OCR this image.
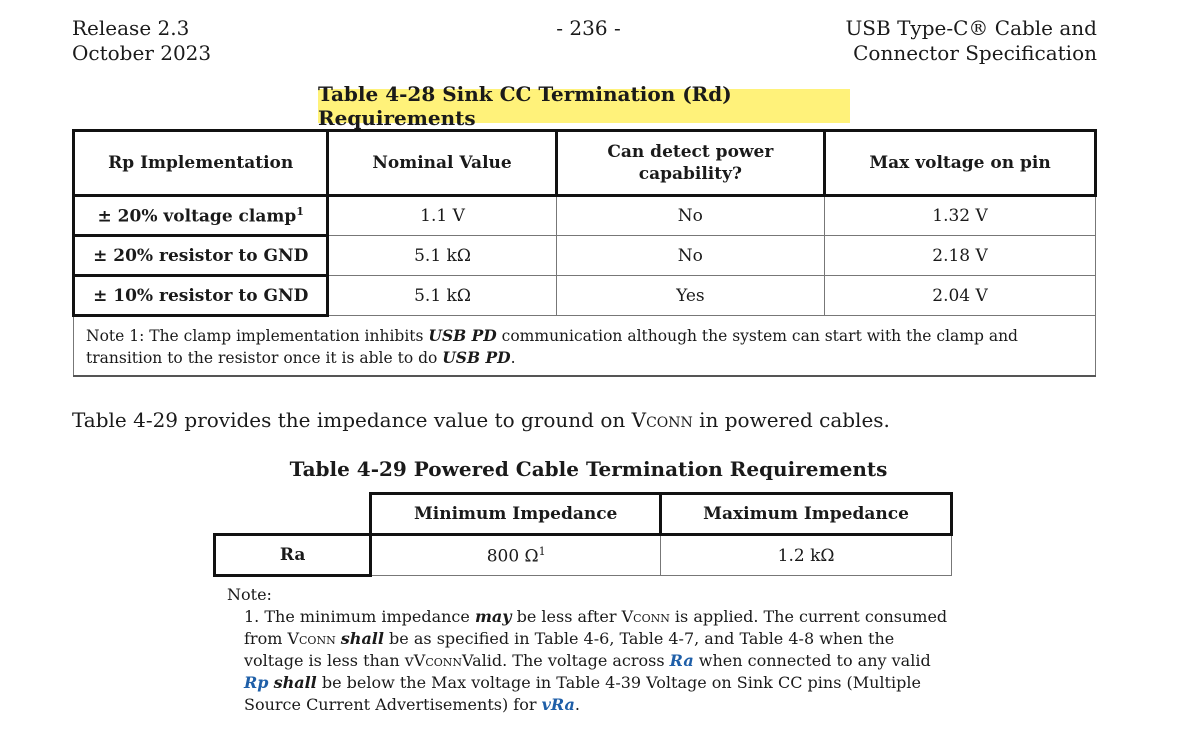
Release 2.3
October 2023
- 236 -	USB Type-C® Cable and
Connector Specification
Table 4-28 Sink CC Termination (Rd) Requirements
Rp Implementation	Nominal Value	Can detect power capability?	Max voltage on pin
± 20% voltage clamp$^1$	1.1 V	No	1.32 V
± 20% resistor to GND	5.1 kΩ	No	2.18 V
± 10% resistor to GND	5.1 kΩ	Yes	2.04 V
Note 1: The clamp implementation inhibits USB PD communication although the system can start with the clamp and transition to the resistor once it is able to do USB PD.			
Table 4-29 provides the impedance value to ground on Vconn in powered cables.
Table 4-29 Powered Cable Termination Requirements
	Minimum Impedance	Maximum Impedance
Ra	800 $\Omega^1$	1.2 kΩ
Note:
1. The minimum impedance may be less after Vconn is applied. The current consumed from Vconn shall be as specified in Table 4-6, Table 4-7, and Table 4-8 when the voltage is less than vVconnValid. The voltage across Ra when connected to any valid Rp shall be below the Max voltage in Table 4-39 Voltage on Sink CC pins (Multiple Source Current Advertisements) for vRa.
